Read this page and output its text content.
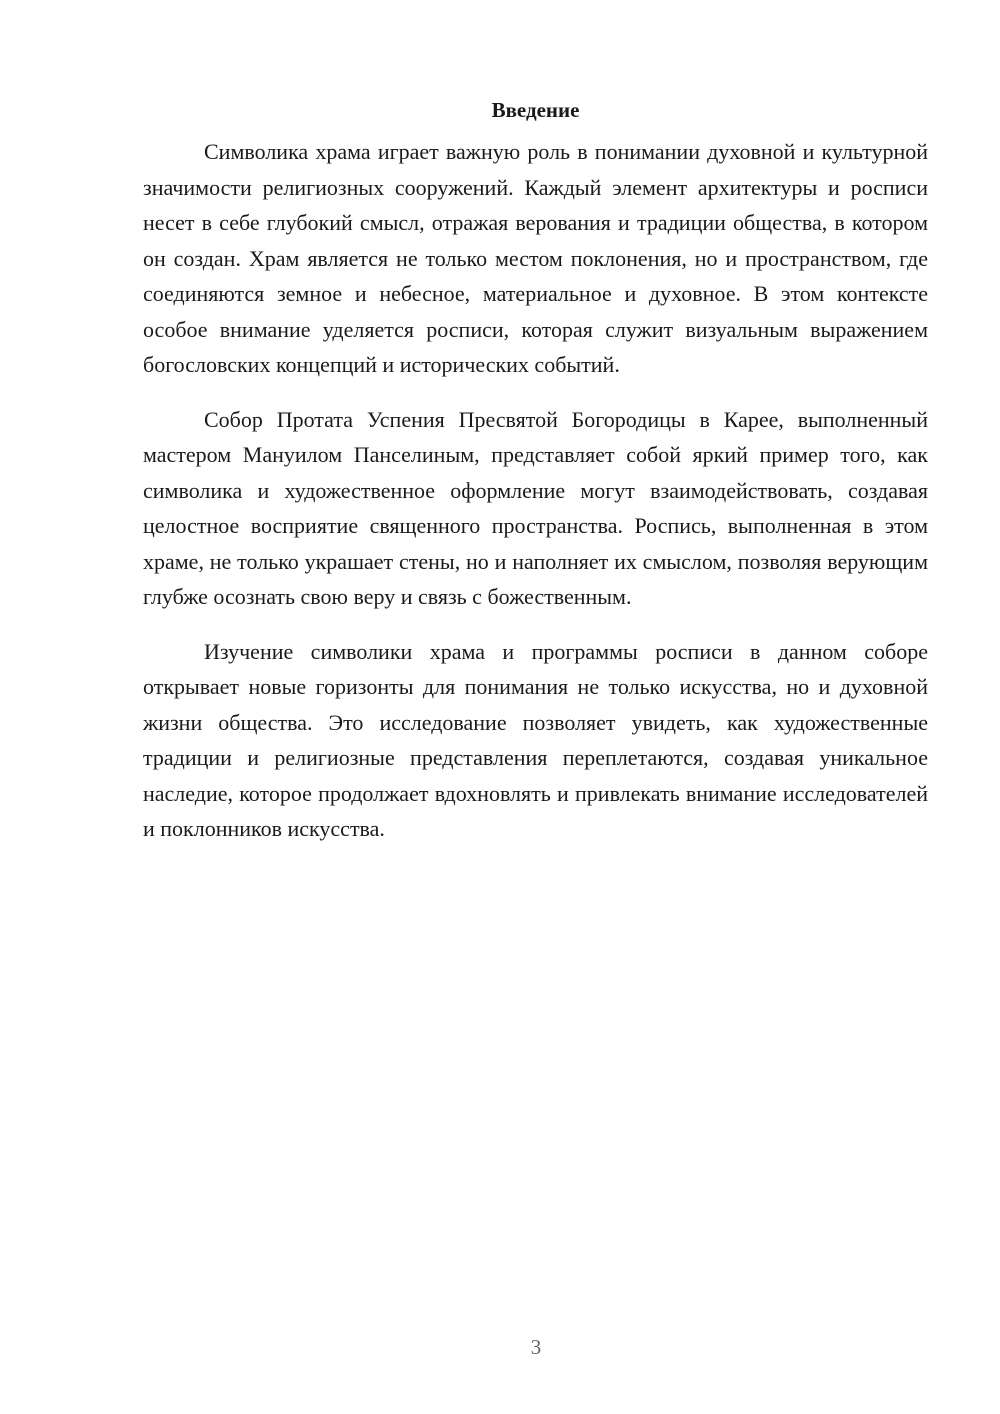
Введение

Символика храма играет важную роль в понимании духовной и культурной значимости религиозных сооружений. Каждый элемент архитектуры и росписи несет в себе глубокий смысл, отражая верования и традиции общества, в котором он создан. Храм является не только местом поклонения, но и пространством, где соединяются земное и небесное, материальное и духовное. В этом контексте особое внимание уделяется росписи, которая служит визуальным выражением богословских концепций и исторических событий.

Собор Протата Успения Пресвятой Богородицы в Карее, выполненный мастером Мануилом Панселиным, представляет собой яркий пример того, как символика и художественное оформление могут взаимодействовать, создавая целостное восприятие священного пространства. Роспись, выполненная в этом храме, не только украшает стены, но и наполняет их смыслом, позволяя верующим глубже осознать свою веру и связь с божественным.

Изучение символики храма и программы росписи в данном соборе открывает новые горизонты для понимания не только искусства, но и духовной жизни общества. Это исследование позволяет увидеть, как художественные традиции и религиозные представления переплетаются, создавая уникальное наследие, которое продолжает вдохновлять и привлекать внимание исследователей и поклонников искусства.

3
